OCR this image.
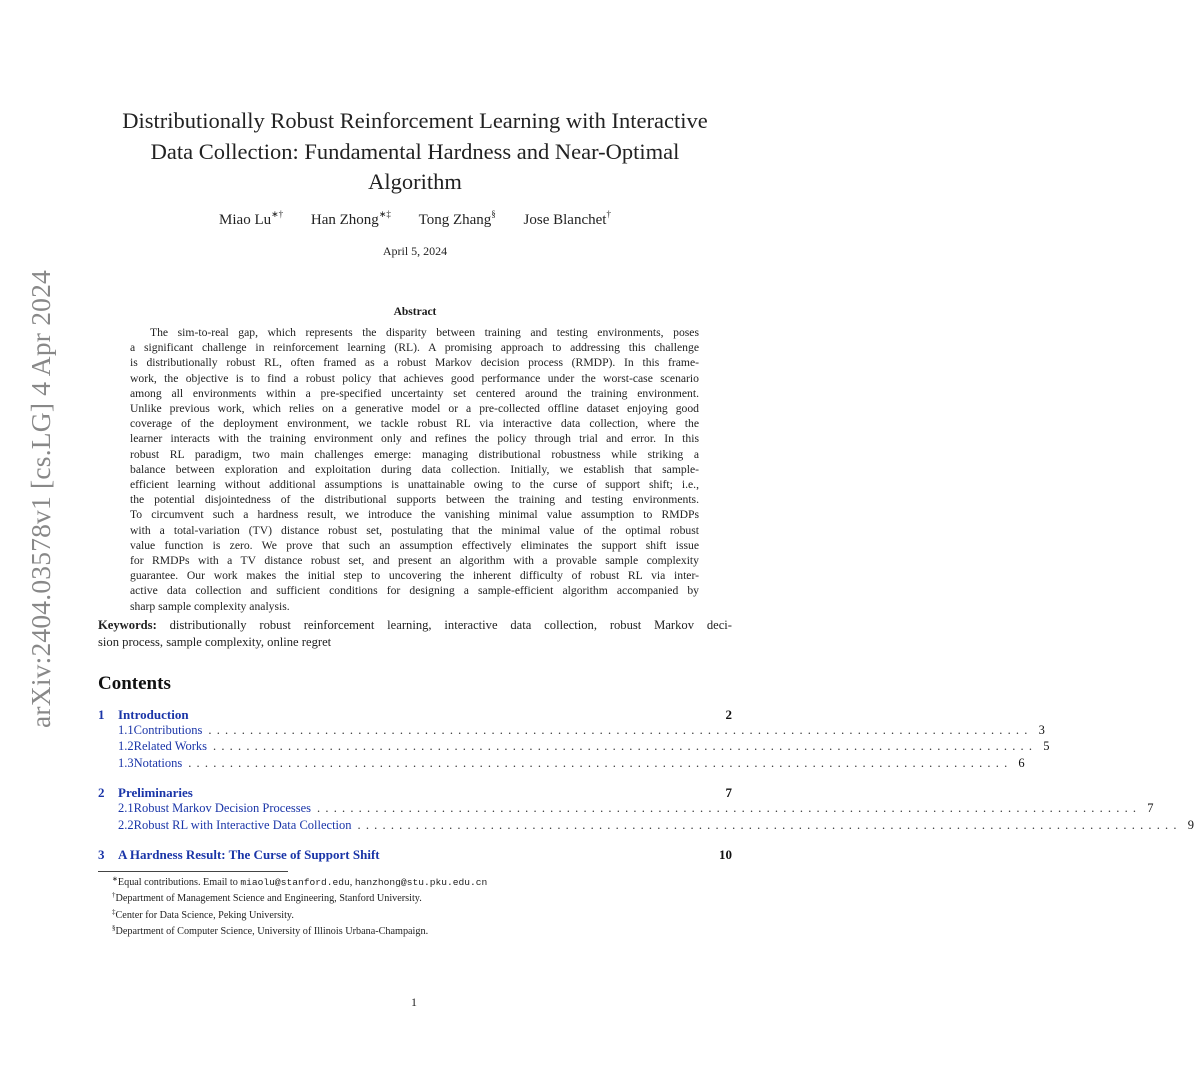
arXiv:2404.03578v1 [cs.LG] 4 Apr 2024
Distributionally Robust Reinforcement Learning with Interactive
Data Collection: Fundamental Hardness and Near-Optimal
Algorithm
Miao Lu∗† Han Zhong∗‡ Tong Zhang§ Jose Blanchet†
April 5, 2024
Abstract
The sim-to-real gap, which represents the disparity between training and testing environments, poses
a significant challenge in reinforcement learning (RL). A promising approach to addressing this challenge
is distributionally robust RL, often framed as a robust Markov decision process (RMDP). In this frame-
work, the objective is to find a robust policy that achieves good performance under the worst-case scenario
among all environments within a pre-specified uncertainty set centered around the training environment.
Unlike previous work, which relies on a generative model or a pre-collected offline dataset enjoying good
coverage of the deployment environment, we tackle robust RL via interactive data collection, where the
learner interacts with the training environment only and refines the policy through trial and error. In this
robust RL paradigm, two main challenges emerge: managing distributional robustness while striking a
balance between exploration and exploitation during data collection. Initially, we establish that sample-
efficient learning without additional assumptions is unattainable owing to the curse of support shift; i.e.,
the potential disjointedness of the distributional supports between the training and testing environments.
To circumvent such a hardness result, we introduce the vanishing minimal value assumption to RMDPs
with a total-variation (TV) distance robust set, postulating that the minimal value of the optimal robust
value function is zero. We prove that such an assumption effectively eliminates the support shift issue
for RMDPs with a TV distance robust set, and present an algorithm with a provable sample complexity
guarantee. Our work makes the initial step to uncovering the inherent difficulty of robust RL via inter-
active data collection and sufficient conditions for designing a sample-efficient algorithm accompanied by
sharp sample complexity analysis.
Keywords: distributionally robust reinforcement learning, interactive data collection, robust Markov deci-
sion process, sample complexity, online regret
Contents
1	Introduction	2
1.1 Contributions ................................................................................................... 3
1.2 Related Works ................................................................................................... 5
1.3 Notations ................................................................................................... 6
2	Preliminaries	7
2.1 Robust Markov Decision Processes ................................................................................................... 7
2.2 Robust RL with Interactive Data Collection ................................................................................................... 9
3	A Hardness Result: The Curse of Support Shift	10
∗Equal contributions. Email to miaolu@stanford.edu, hanzhong@stu.pku.edu.cn
†Department of Management Science and Engineering, Stanford University.
‡Center for Data Science, Peking University.
§Department of Computer Science, University of Illinois Urbana-Champaign.
1
